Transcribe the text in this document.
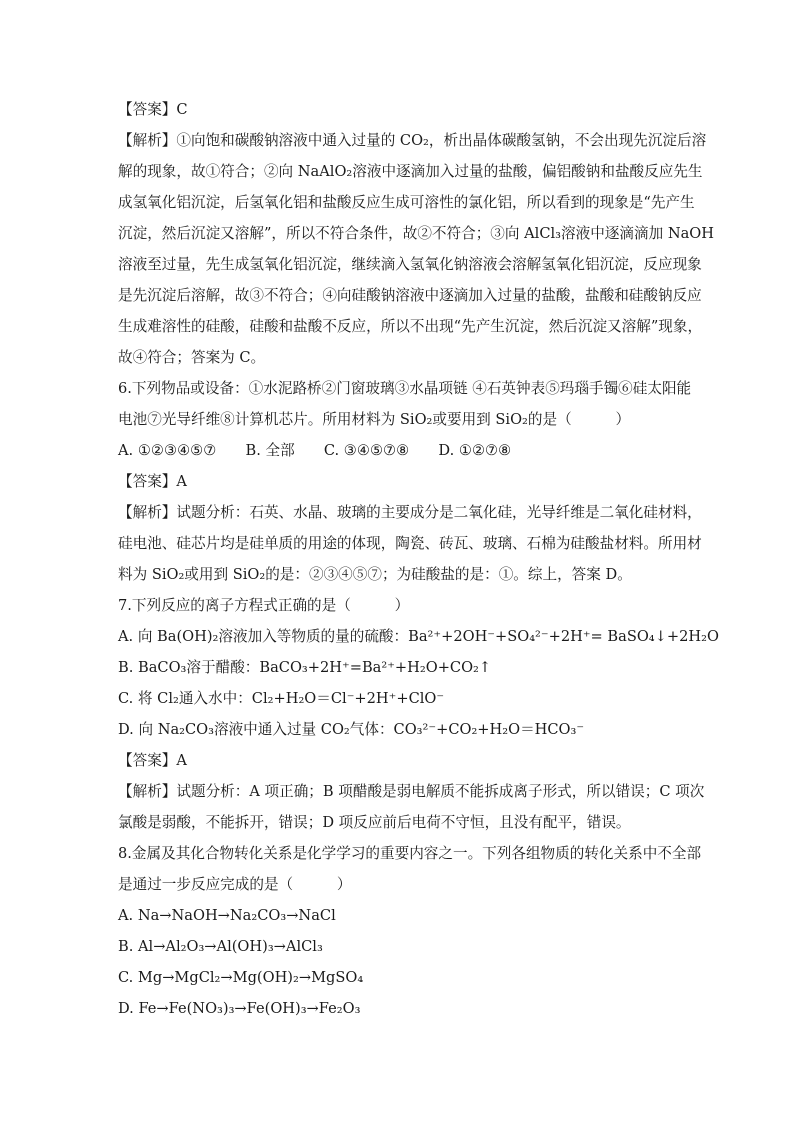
【答案】C
【解析】①向饱和碳酸钠溶液中通入过量的 CO₂，析出晶体碳酸氢钠，不会出现先沉淀后溶
解的现象，故①符合；②向 NaAlO₂溶液中逐滴加入过量的盐酸，偏铝酸钠和盐酸反应先生
成氢氧化铝沉淀，后氢氧化铝和盐酸反应生成可溶性的氯化铝，所以看到的现象是“先产生
沉淀，然后沉淀又溶解”，所以不符合条件，故②不符合；③向 AlCl₃溶液中逐滴滴加 NaOH
溶液至过量，先生成氢氧化铝沉淀，继续滴入氢氧化钠溶液会溶解氢氧化铝沉淀，反应现象
是先沉淀后溶解，故③不符合；④向硅酸钠溶液中逐滴加入过量的盐酸，盐酸和硅酸钠反应
生成难溶性的硅酸，硅酸和盐酸不反应，所以不出现“先产生沉淀，然后沉淀又溶解”现象，
故④符合；答案为 C。
6.下列物品或设备：①水泥路桥②门窗玻璃③水晶项链 ④石英钟表⑤玛瑙手镯⑥硅太阳能
电池⑦光导纤维⑧计算机芯片。所用材料为 SiO₂或要用到 SiO₂的是（　　　）
A. ①②③④⑤⑦　　B. 全部　　C. ③④⑤⑦⑧　　D. ①②⑦⑧
【答案】A
【解析】试题分析：石英、水晶、玻璃的主要成分是二氧化硅，光导纤维是二氧化硅材料，
硅电池、硅芯片均是硅单质的用途的体现，陶瓷、砖瓦、玻璃、石棉为硅酸盐材料。所用材
料为 SiO₂或用到 SiO₂的是：②③④⑤⑦；为硅酸盐的是：①。综上，答案 D。
7.下列反应的离子方程式正确的是（　　　）
A. 向 Ba(OH)₂溶液加入等物质的量的硫酸：Ba²⁺+2OH⁻+SO₄²⁻+2H⁺= BaSO₄↓+2H₂O
B. BaCO₃溶于醋酸：BaCO₃+2H⁺=Ba²⁺+H₂O+CO₂↑
C. 将 Cl₂通入水中：Cl₂+H₂O＝Cl⁻+2H⁺+ClO⁻
D. 向 Na₂CO₃溶液中通入过量 CO₂气体：CO₃²⁻+CO₂+H₂O＝HCO₃⁻
【答案】A
【解析】试题分析：A 项正确；B 项醋酸是弱电解质不能拆成离子形式，所以错误；C 项次
氯酸是弱酸，不能拆开，错误；D 项反应前后电荷不守恒，且没有配平，错误。
8.金属及其化合物转化关系是化学学习的重要内容之一。下列各组物质的转化关系中不全部
是通过一步反应完成的是（　　　）
A. Na→NaOH→Na₂CO₃→NaCl
B. Al→Al₂O₃→Al(OH)₃→AlCl₃
C. Mg→MgCl₂→Mg(OH)₂→MgSO₄
D. Fe→Fe(NO₃)₃→Fe(OH)₃→Fe₂O₃
